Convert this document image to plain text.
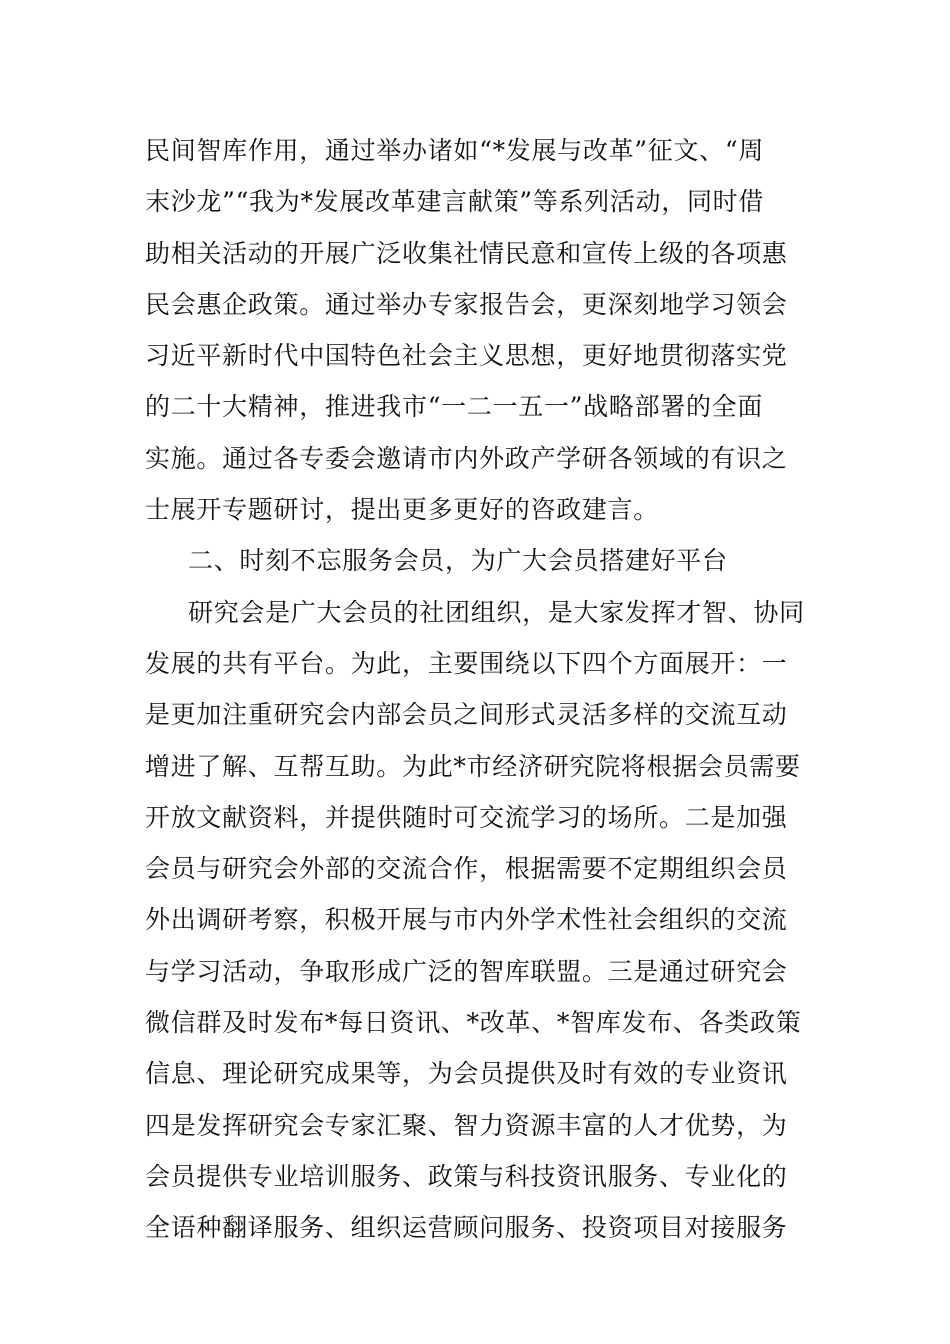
民间智库作用，通过举办诸如“*发展与改革”征文、“周
末沙龙”“我为*发展改革建言献策”等系列活动，同时借
助相关活动的开展广泛收集社情民意和宣传上级的各项惠
民会惠企政策。通过举办专家报告会，更深刻地学习领会
习近平新时代中国特色社会主义思想，更好地贯彻落实党
的二十大精神，推进我市“一二一五一”战略部署的全面
实施。通过各专委会邀请市内外政产学研各领域的有识之
士展开专题研讨，提出更多更好的咨政建言。
二、时刻不忘服务会员，为广大会员搭建好平台
研究会是广大会员的社团组织，是大家发挥才智、协同
发展的共有平台。为此，主要围绕以下四个方面展开：一
是更加注重研究会内部会员之间形式灵活多样的交流互动
增进了解、互帮互助。为此*市经济研究院将根据会员需要
开放文献资料，并提供随时可交流学习的场所。二是加强
会员与研究会外部的交流合作，根据需要不定期组织会员
外出调研考察，积极开展与市内外学术性社会组织的交流
与学习活动，争取形成广泛的智库联盟。三是通过研究会
微信群及时发布*每日资讯、*改革、*智库发布、各类政策
信息、理论研究成果等，为会员提供及时有效的专业资讯
四是发挥研究会专家汇聚、智力资源丰富的人才优势，为
会员提供专业培训服务、政策与科技资讯服务、专业化的
全语种翻译服务、组织运营顾问服务、投资项目对接服务
